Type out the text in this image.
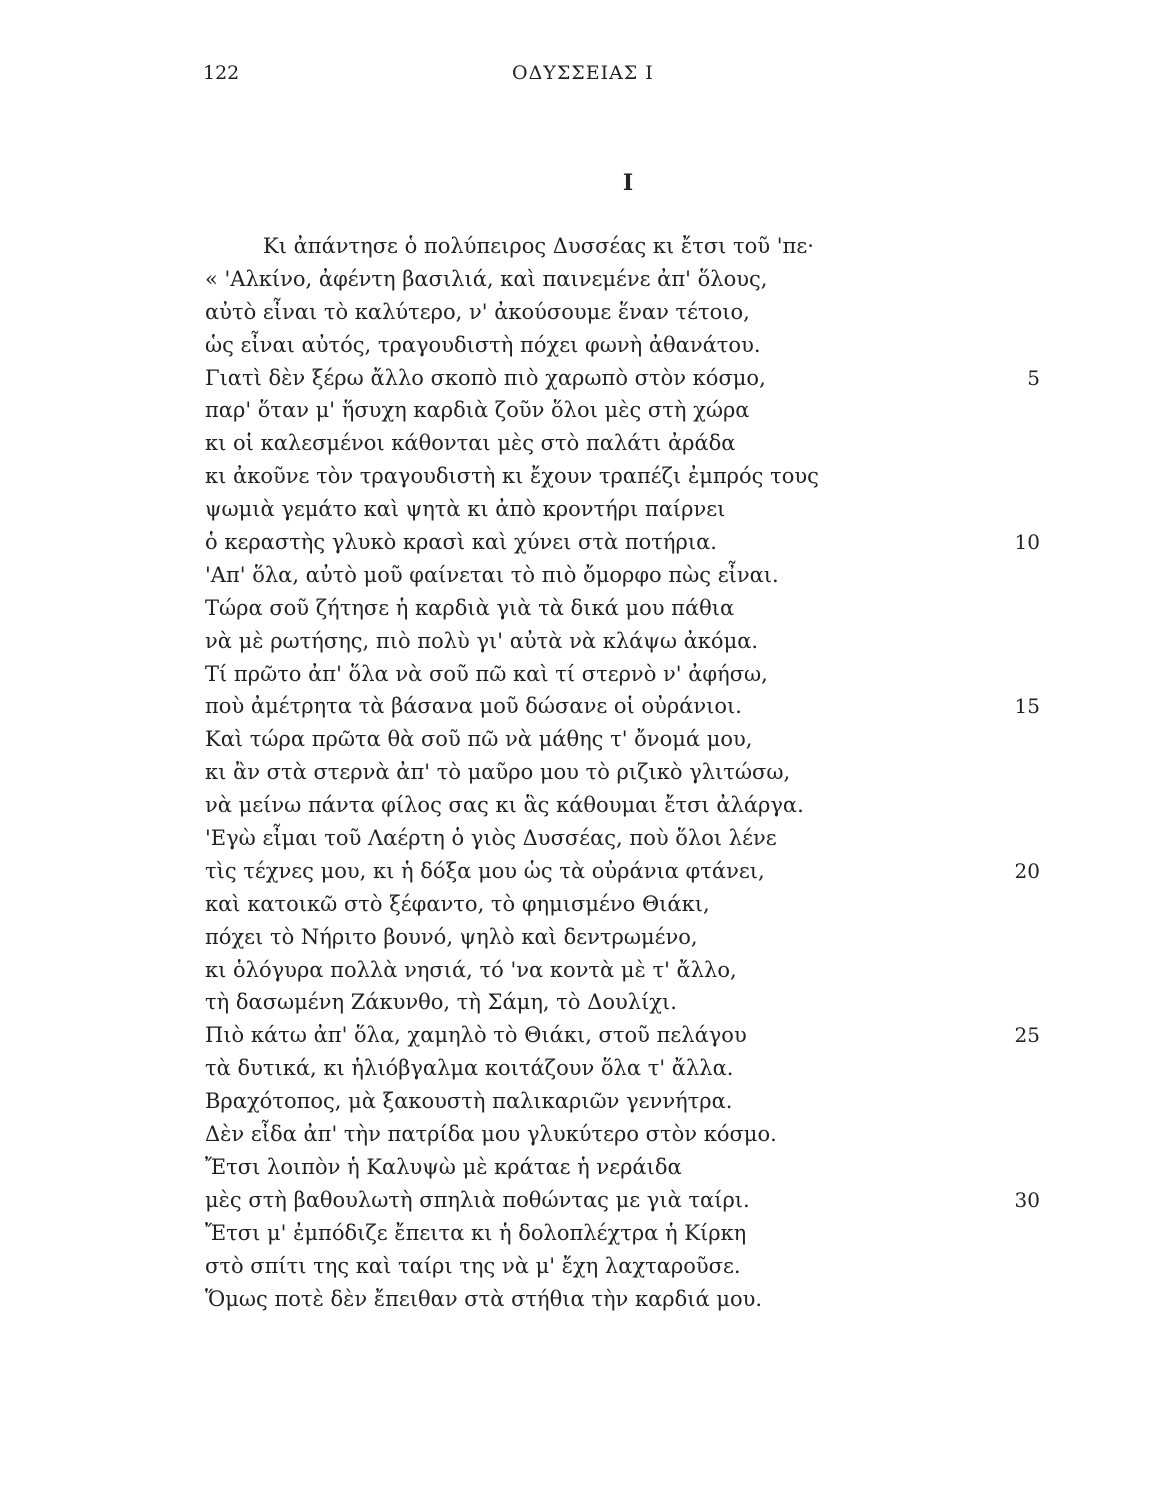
122	ΟΔΥΣΣΕΙΑΣ Ι
Ι
Κι ἀπάντησε ὁ πολύπειρος Δυσσέας κι ἔτσι τοῦ 'πε·
« 'Αλκίνο, ἀφέντη βασιλιά, καὶ παινεμένε ἀπ' ὅλους,
αὐτὸ εἶναι τὸ καλύτερο, ν' ἀκούσουμε ἕναν τέτοιο,
ὡς εἶναι αὐτός, τραγουδιστὴ πόχει φωνὴ ἀθανάτου.
Γιατὶ δὲν ξέρω ἄλλο σκοπὸ πιὸ χαρωπὸ στὸν κόσμο,	5
παρ' ὅταν μ' ἥσυχη καρδιὰ ζοῦν ὅλοι μὲς στὴ χώρα
κι οἱ καλεσμένοι κάθονται μὲς στὸ παλάτι ἀράδα
κι ἀκοῦνε τὸν τραγουδιστὴ κι ἔχουν τραπέζι ἐμπρός τους
ψωμιὰ γεμάτο καὶ ψητὰ κι ἀπὸ κροντήρι παίρνει
ὁ κεραστὴς γλυκὸ κρασὶ καὶ χύνει στὰ ποτήρια.	10
'Απ' ὅλα, αὐτὸ μοῦ φαίνεται τὸ πιὸ ὄμορφο πὼς εἶναι.
Τώρα σοῦ ζήτησε ἡ καρδιὰ γιὰ τὰ δικά μου πάθια
νὰ μὲ ρωτήσης, πιὸ πολὺ γι' αὐτὰ νὰ κλάψω ἀκόμα.
Τί πρῶτο ἀπ' ὅλα νὰ σοῦ πῶ καὶ τί στερνὸ ν' ἀφήσω,
ποὺ ἀμέτρητα τὰ βάσανα μοῦ δώσανε οἱ οὐράνιοι.	15
Καὶ τώρα πρῶτα θὰ σοῦ πῶ νὰ μάθης τ' ὄνομά μου,
κι ἂν στὰ στερνὰ ἀπ' τὸ μαῦρο μου τὸ ριζικὸ γλιτώσω,
νὰ μείνω πάντα φίλος σας κι ἃς κάθουμαι ἔτσι ἀλάργα.
'Εγὼ εἶμαι τοῦ Λαέρτη ὁ γιὸς Δυσσέας, ποὺ ὅλοι λένε
τὶς τέχνες μου, κι ἡ δόξα μου ὡς τὰ οὐράνια φτάνει,	20
καὶ κατοικῶ στὸ ξέφαντο, τὸ φημισμένο Θιάκι,
πόχει τὸ Νήριτο βουνό, ψηλὸ καὶ δεντρωμένο,
κι ὁλόγυρα πολλὰ νησιά, τό 'να κοντὰ μὲ τ' ἄλλο,
τὴ δασωμένη Ζάκυνθο, τὴ Σάμη, τὸ Δουλίχι.
Πιὸ κάτω ἀπ' ὅλα, χαμηλὸ τὸ Θιάκι, στοῦ πελάγου	25
τὰ δυτικά, κι ἡλιόβγαλμα κοιτάζουν ὅλα τ' ἄλλα.
Βραχότοπος, μὰ ξακουστὴ παλικαριῶν γεννήτρα.
Δὲν εἶδα ἀπ' τὴν πατρίδα μου γλυκύτερο στὸν κόσμο.
Ἔτσι λοιπὸν ἡ Καλυψὼ μὲ κράταε ἡ νεράιδα
μὲς στὴ βαθουλωτὴ σπηλιὰ ποθώντας με γιὰ ταίρι.	30
Ἔτσι μ' ἐμπόδιζε ἔπειτα κι ἡ δολοπλέχτρα ἡ Κίρκη
στὸ σπίτι της καὶ ταίρι της νὰ μ' ἔχη λαχταροῦσε.
Ὅμως ποτὲ δὲν ἔπειθαν στὰ στήθια τὴν καρδιά μου.
